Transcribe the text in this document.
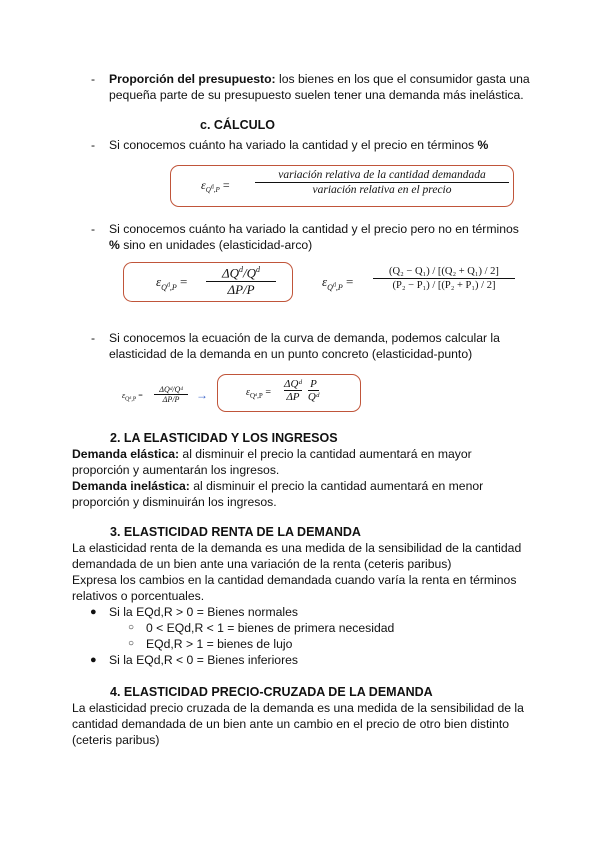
-	Proporción del presupuesto: los bienes en los que el consumidor gasta una
pequeña parte de su presupuesto suelen tener una demanda más inelástica.
c. CÁLCULO
-	Si conocemos cuánto ha variado la cantidad y el precio en términos %
$\varepsilon_{Q^d,P}$ =
variación relativa de la cantidad demandada
variación relativa en el precio
-	Si conocemos cuánto ha variado la cantidad y el precio pero no en términos
% sino en unidades (elasticidad-arco)
$\varepsilon_{Q^d,P}$ =
$\Delta Q^d/Q^d$
ΔP/P
$\varepsilon_{Q^d,P} = \frac{\text{(Q₂ − Q₁) / [(Q₂ + Q₁) / 2]}}{\text{(P₂ − P₁) / [(P₂ + P₁) / 2]}}$
-	Si conocemos la ecuación de la curva de demanda, podemos calcular la
elasticidad de la demanda en un punto concreto (elasticidad-punto)
$\varepsilon_{Qᵈ,P}$ =
ΔQᵈ/Qᵈ
ΔP/P	→	$\varepsilon_{Qᵈ,P}$ =
ΔQᵈ
ΔP
P
Qᵈ
2. LA ELASTICIDAD Y LOS INGRESOS
Demanda elástica: al disminuir el precio la cantidad aumentará en mayor
proporción y aumentarán los ingresos.
Demanda inelástica: al disminuir el precio la cantidad aumentará en menor
proporción y disminuirán los ingresos.
3. ELASTICIDAD RENTA DE LA DEMANDA
La elasticidad renta de la demanda es una medida de la sensibilidad de la cantidad
demandada de un bien ante una variación de la renta (ceteris paribus)
Expresa los cambios en la cantidad demandada cuando varía la renta en términos
relativos o porcentuales.
● Si la EQd,R > 0 = Bienes normales
○ 0 < EQd,R < 1 = bienes de primera necesidad
○ EQd,R > 1 = bienes de lujo
● Si la EQd,R < 0 = Bienes inferiores
4. ELASTICIDAD PRECIO-CRUZADA DE LA DEMANDA
La elasticidad precio cruzada de la demanda es una medida de la sensibilidad de la
cantidad demandada de un bien ante un cambio en el precio de otro bien distinto
(ceteris paribus)
